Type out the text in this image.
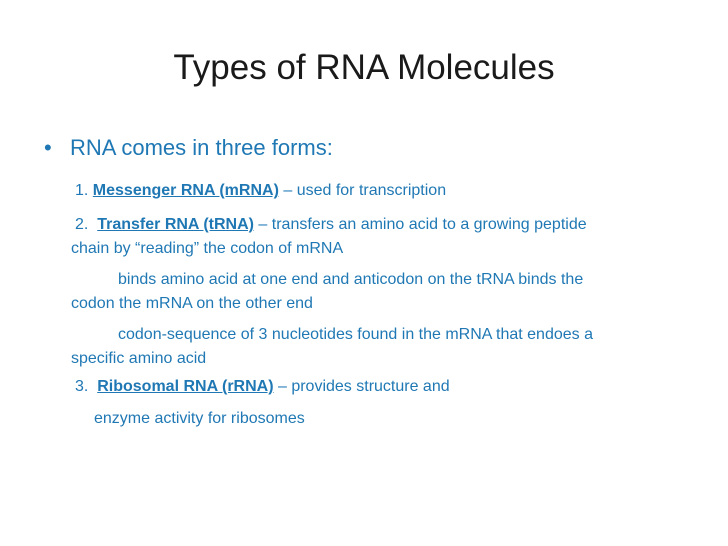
Types of RNA Molecules
• RNA comes in three forms:
1. Messenger RNA (mRNA) – used for transcription
2. Transfer RNA (tRNA) – transfers an amino acid to a growing peptide
chain by “reading” the codon of mRNA
binds amino acid at one end and anticodon on the tRNA binds the
codon the mRNA on the other end
codon-sequence of 3 nucleotides found in the mRNA that endoes a
specific amino acid
3. Ribosomal RNA (rRNA) – provides structure and
enzyme activity for ribosomes
